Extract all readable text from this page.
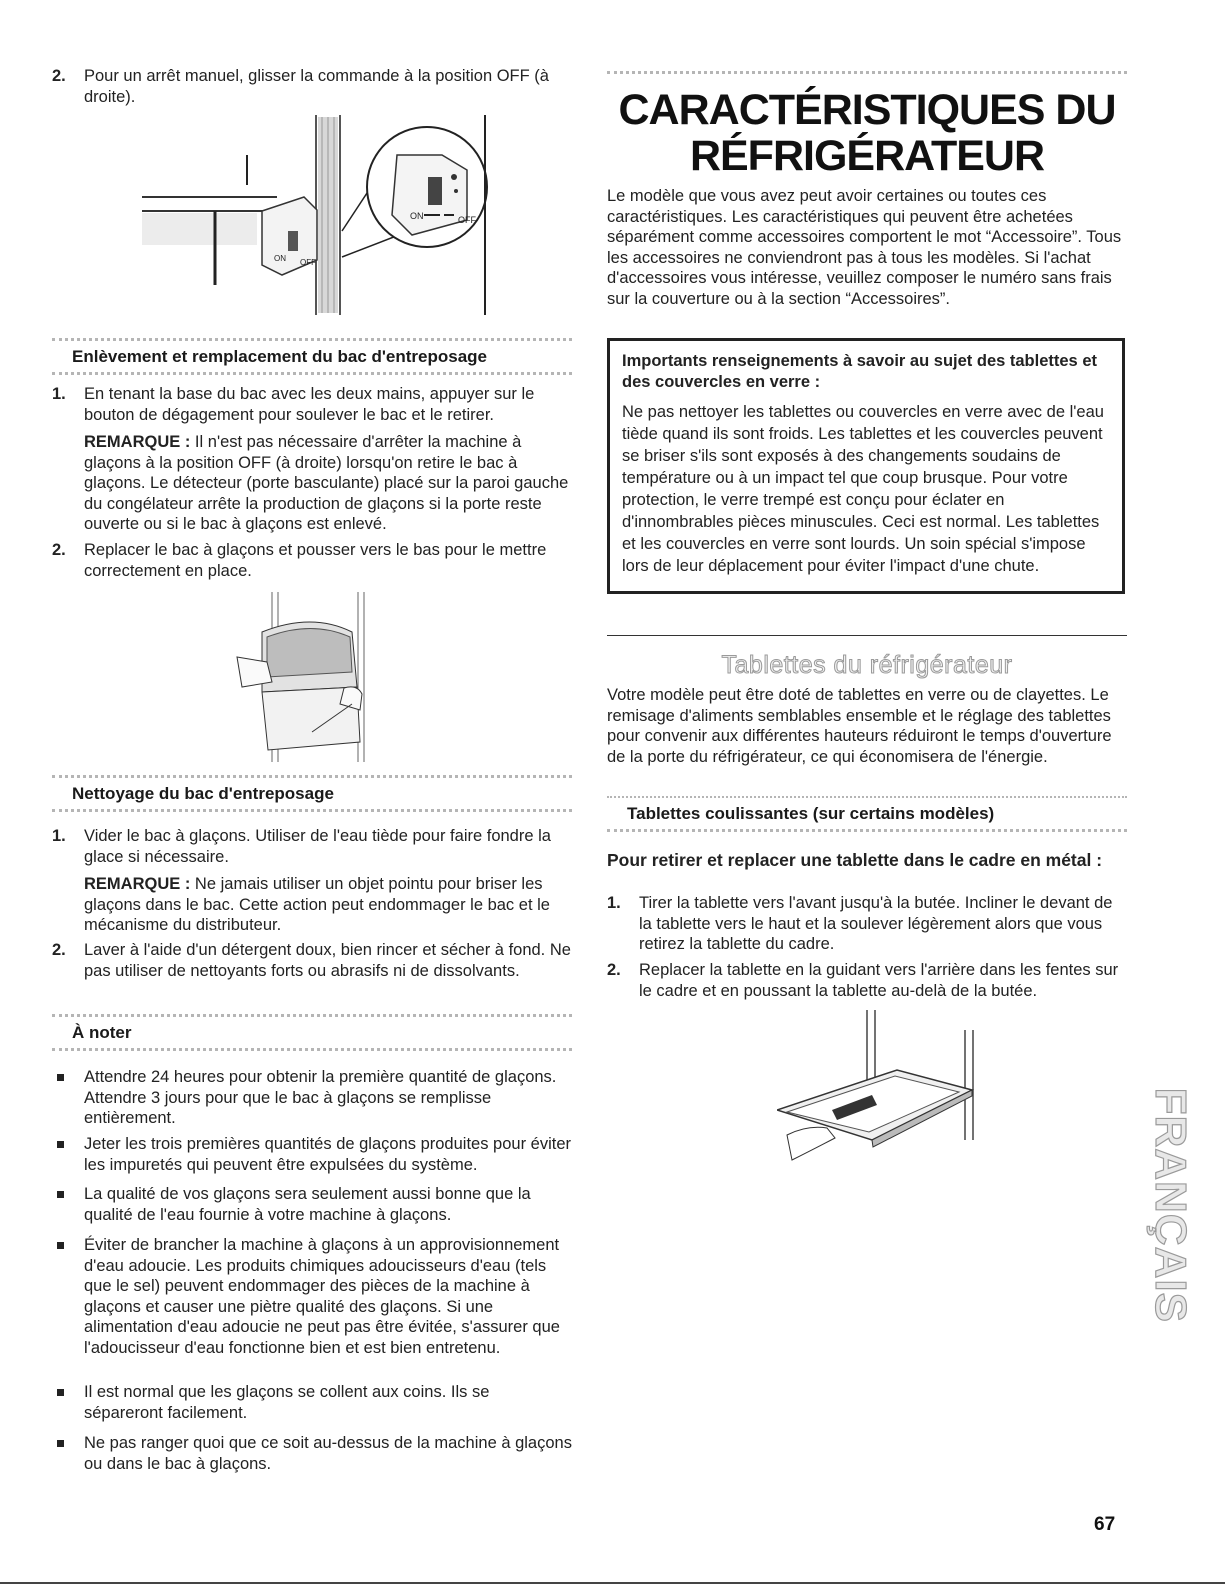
2. Pour un arrêt manuel, glisser la commande à la position OFF (à droite).
ON OFF
ON	OFF
Enlèvement et remplacement du bac d'entreposage
1. En tenant la base du bac avec les deux mains, appuyer sur le bouton de dégagement pour soulever le bac et le retirer.
REMARQUE : Il n'est pas nécessaire d'arrêter la machine à glaçons à la position OFF (à droite) lorsqu'on retire le bac à glaçons. Le détecteur (porte basculante) placé sur la paroi gauche du congélateur arrête la production de glaçons si la porte reste ouverte ou si le bac à glaçons est enlevé.
2. Replacer le bac à glaçons et pousser vers le bas pour le mettre correctement en place.
Nettoyage du bac d'entreposage
1. Vider le bac à glaçons. Utiliser de l'eau tiède pour faire fondre la glace si nécessaire.
REMARQUE : Ne jamais utiliser un objet pointu pour briser les glaçons dans le bac. Cette action peut endommager le bac et le mécanisme du distributeur.
2. Laver à l'aide d'un détergent doux, bien rincer et sécher à fond. Ne pas utiliser de nettoyants forts ou abrasifs ni de dissolvants.
À noter
Attendre 24 heures pour obtenir la première quantité de glaçons. Attendre 3 jours pour que le bac à glaçons se remplisse entièrement.
Jeter les trois premières quantités de glaçons produites pour éviter les impuretés qui peuvent être expulsées du système.
La qualité de vos glaçons sera seulement aussi bonne que la qualité de l'eau fournie à votre machine à glaçons.
Éviter de brancher la machine à glaçons à un approvisionnement d'eau adoucie. Les produits chimiques adoucisseurs d'eau (tels que le sel) peuvent endommager des pièces de la machine à glaçons et causer une piètre qualité des glaçons. Si une alimentation d'eau adoucie ne peut pas être évitée, s'assurer que l'adoucisseur d'eau fonctionne bien et est bien entretenu.
Il est normal que les glaçons se collent aux coins. Ils se sépareront facilement.
Ne pas ranger quoi que ce soit au-dessus de la machine à glaçons ou dans le bac à glaçons.
CARACTÉRISTIQUES DU
RÉFRIGÉRATEUR
Le modèle que vous avez peut avoir certaines ou toutes ces caractéristiques. Les caractéristiques qui peuvent être achetées séparément comme accessoires comportent le mot “Accessoire”. Tous les accessoires ne conviendront pas à tous les modèles. Si l'achat d'accessoires vous intéresse, veuillez composer le numéro sans frais sur la couverture ou à la section “Accessoires”.
Importants renseignements à savoir au sujet des tablettes et des couvercles en verre :
Ne pas nettoyer les tablettes ou couvercles en verre avec de l'eau tiède quand ils sont froids. Les tablettes et les couvercles peuvent se briser s'ils sont exposés à des changements soudains de température ou à un impact tel que coup brusque. Pour votre protection, le verre trempé est conçu pour éclater en d'innombrables pièces minuscules. Ceci est normal. Les tablettes et les couvercles en verre sont lourds. Un soin spécial s'impose lors de leur déplacement pour éviter l'impact d'une chute.
Tablettes du réfrigérateur
Votre modèle peut être doté de tablettes en verre ou de clayettes. Le remisage d'aliments semblables ensemble et le réglage des tablettes pour convenir aux différentes hauteurs réduiront le temps d'ouverture de la porte du réfrigérateur, ce qui économisera de l'énergie.
Tablettes coulissantes (sur certains modèles)
Pour retirer et replacer une tablette dans le cadre en métal :
1. Tirer la tablette vers l'avant jusqu'à la butée. Incliner le devant de la tablette vers le haut et la soulever légèrement alors que vous retirez la tablette du cadre.
2. Replacer la tablette en la guidant vers l'arrière dans les fentes sur le cadre et en poussant la tablette au-delà de la butée.
FRANÇAIS
67
